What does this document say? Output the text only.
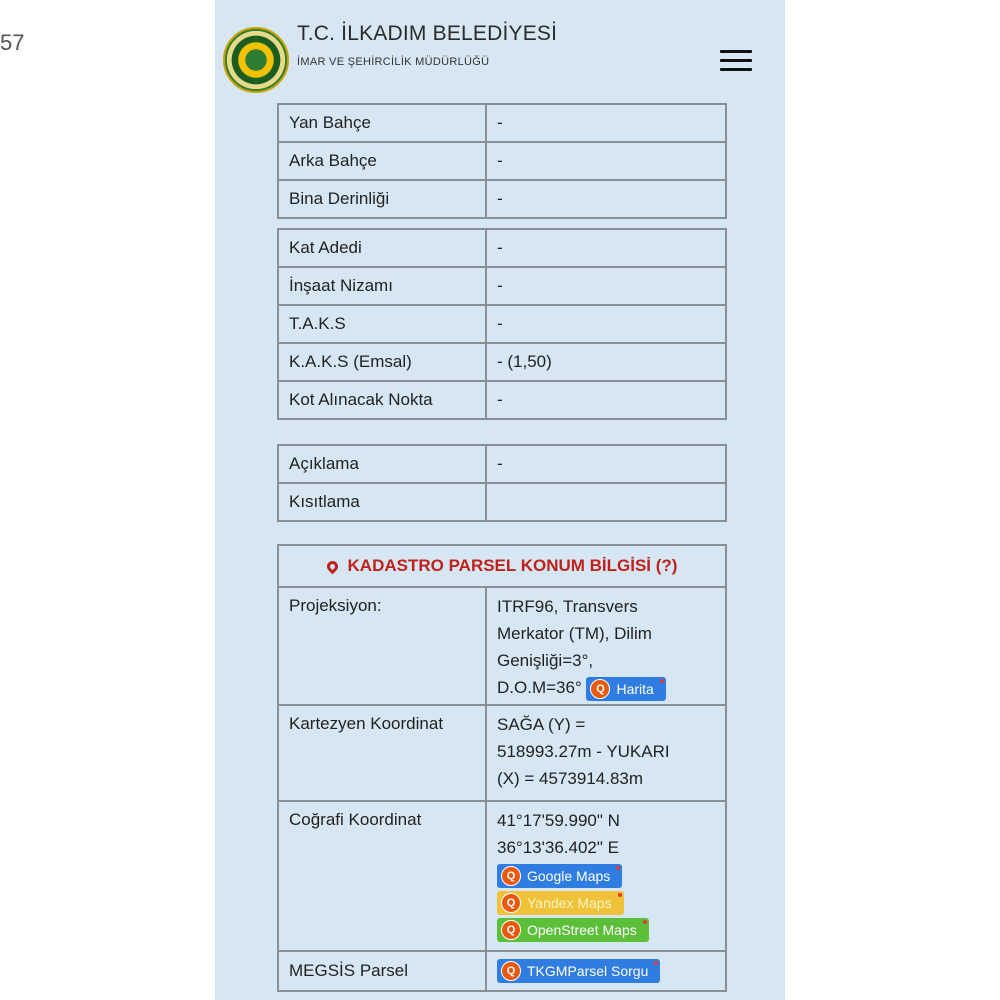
57	T.C. İLKADIM BELEDİYESİ
İMAR VE ŞEHİRCİLİK MÜDÜRLÜĞÜ
Yan Bahçe	-
Arka Bahçe	-
Bina Derinliği	-
Kat Adedi	-
İnşaat Nizamı	-
T.A.K.S	-
K.A.K.S (Emsal)	- (1,50)
Kot Alınacak Nokta	-
Açıklama	-
Kısıtlama
KADASTRO PARSEL KONUM BİLGİSİ (?)
Projeksiyon:	ITRF96, Transvers
Merkator (TM), Dilim
Genişliği=3°,
D.O.M=36°	Q Harita
Kartezyen Koordinat	SAĞA (Y) =
518993.27m - YUKARI
(X) = 4573914.83m
Coğrafi Koordinat	41°17'59.990" N
36°13'36.402" E
Q Google Maps
Q Yandex Maps
Q OpenStreet Maps
MEGSİS Parsel	Q TKGMParsel Sorgu
